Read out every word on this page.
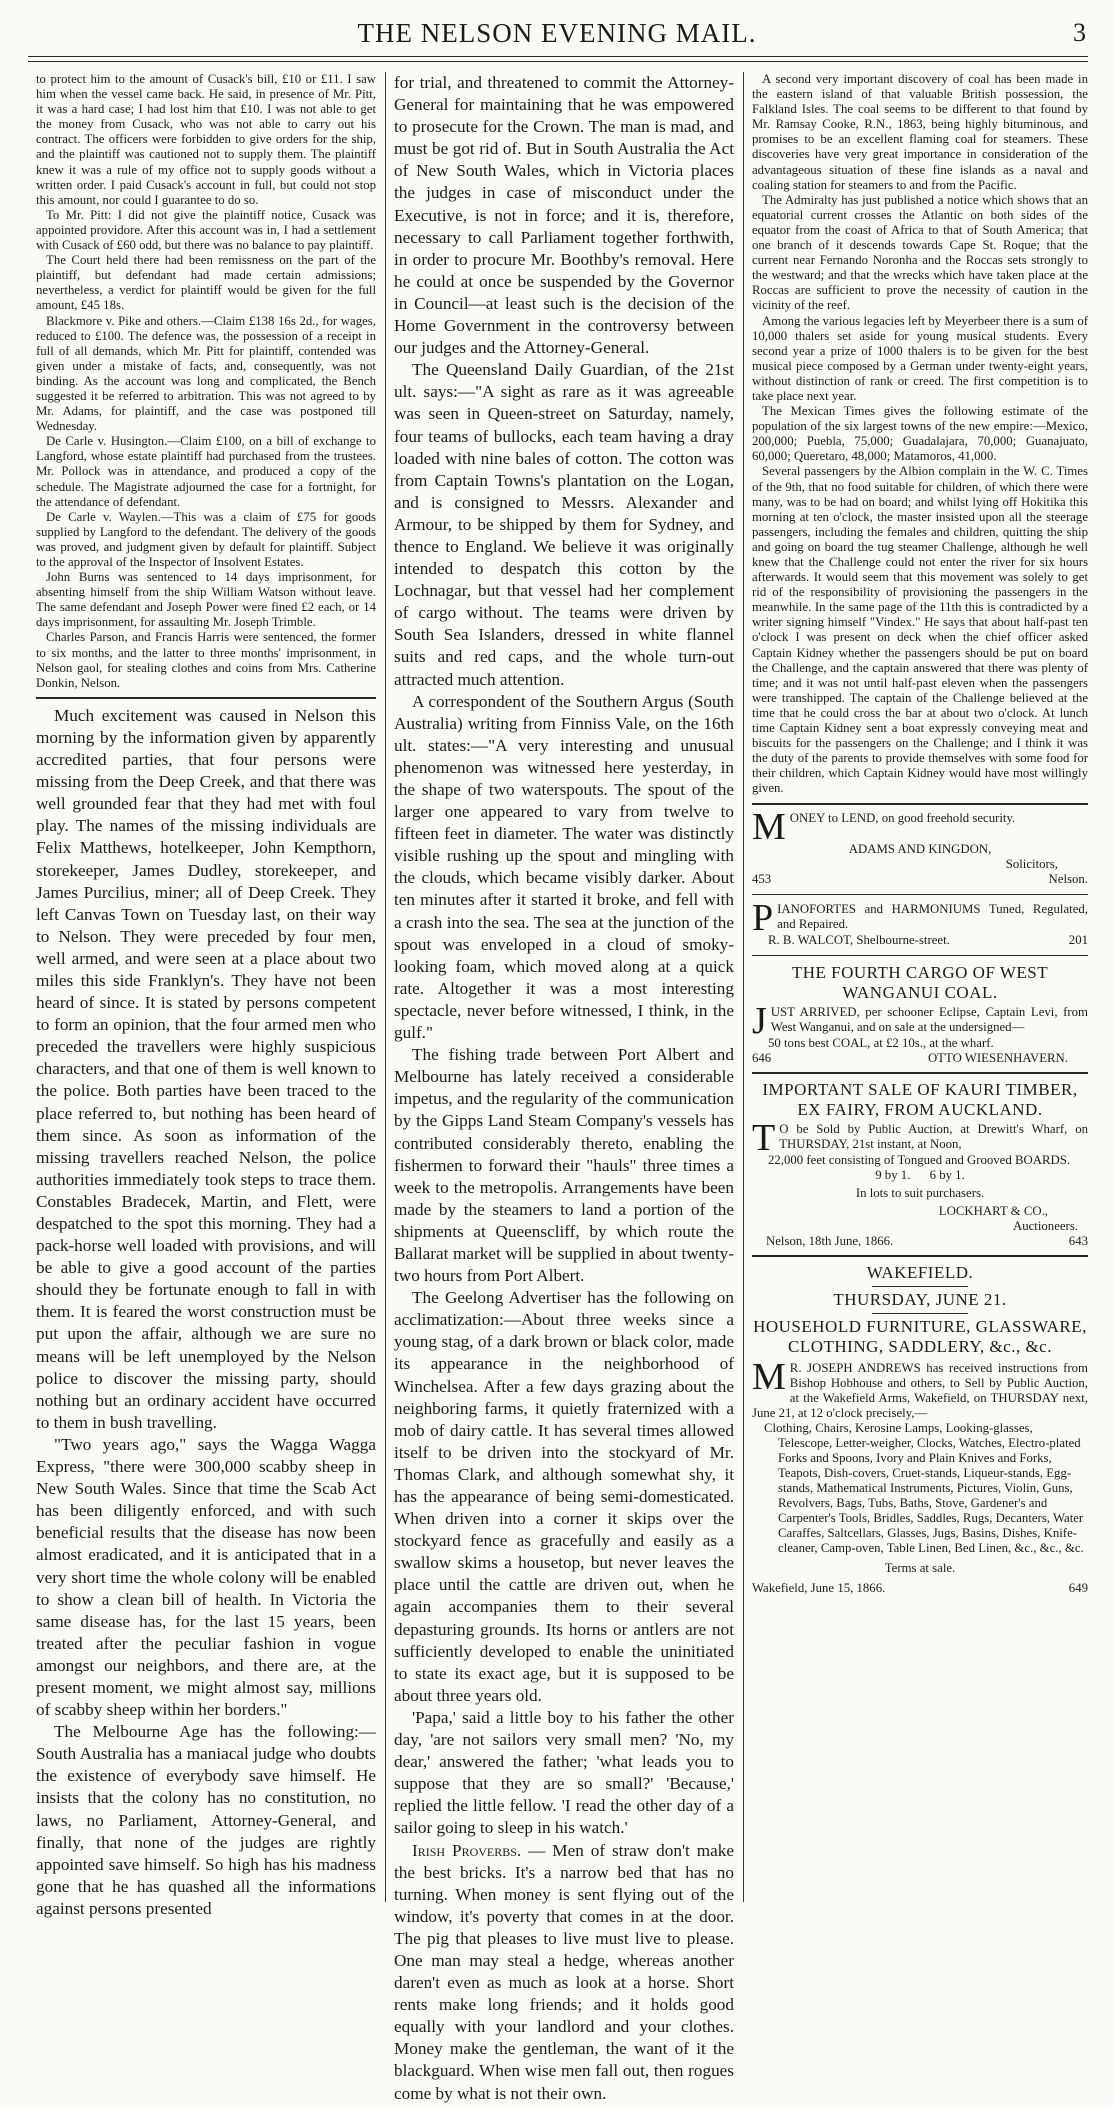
THE NELSON EVENING MAIL.	3

to protect him to the amount of Cusack's bill, £10 or £11. I saw him when the vessel came back. He said, in presence of Mr. Pitt, it was a hard case; I had lost him that £10. I was not able to get the money from Cusack, who was not able to carry out his contract. The officers were forbidden to give orders for the ship, and the plaintiff was cautioned not to supply them. The plaintiff knew it was a rule of my office not to supply goods without a written order. I paid Cusack's account in full, but could not stop this amount, nor could I guarantee to do so.

To Mr. Pitt: I did not give the plaintiff notice, Cusack was appointed providore. After this account was in, I had a settlement with Cusack of £60 odd, but there was no balance to pay plaintiff.

The Court held there had been remissness on the part of the plaintiff, but defendant had made certain admissions; nevertheless, a verdict for plaintiff would be given for the full amount, £45 18s.

Blackmore v. Pike and others.—Claim £138 16s 2d., for wages, reduced to £100. The defence was, the possession of a receipt in full of all demands, which Mr. Pitt for plaintiff, contended was given under a mistake of facts, and, consequently, was not binding. As the account was long and complicated, the Bench suggested it be referred to arbitration. This was not agreed to by Mr. Adams, for plaintiff, and the case was postponed till Wednesday.

De Carle v. Husington.—Claim £100, on a bill of exchange to Langford, whose estate plaintiff had purchased from the trustees. Mr. Pollock was in attendance, and produced a copy of the schedule. The Magistrate adjourned the case for a fortnight, for the attendance of defendant.

De Carle v. Waylen.—This was a claim of £75 for goods supplied by Langford to the defendant. The delivery of the goods was proved, and judgment given by default for plaintiff. Subject to the approval of the Inspector of Insolvent Estates.

John Burns was sentenced to 14 days imprisonment, for absenting himself from the ship William Watson without leave. The same defendant and Joseph Power were fined £2 each, or 14 days imprisonment, for assaulting Mr. Joseph Trimble.

Charles Parson, and Francis Harris were sentenced, the former to six months, and the latter to three months' imprisonment, in Nelson gaol, for stealing clothes and coins from Mrs. Catherine Donkin, Nelson.

Much excitement was caused in Nelson this morning by the information given by apparently accredited parties, that four persons were missing from the Deep Creek, and that there was well grounded fear that they had met with foul play. The names of the missing individuals are Felix Matthews, hotelkeeper, John Kempthorn, storekeeper, James Dudley, storekeeper, and James Purcilius, miner; all of Deep Creek. They left Canvas Town on Tuesday last, on their way to Nelson. They were preceded by four men, well armed, and were seen at a place about two miles this side Franklyn's. They have not been heard of since. It is stated by persons competent to form an opinion, that the four armed men who preceded the travellers were highly suspicious characters, and that one of them is well known to the police. Both parties have been traced to the place referred to, but nothing has been heard of them since. As soon as information of the missing travellers reached Nelson, the police authorities immediately took steps to trace them. Constables Bradecek, Martin, and Flett, were despatched to the spot this morning. They had a pack-horse well loaded with provisions, and will be able to give a good account of the parties should they be fortunate enough to fall in with them. It is feared the worst construction must be put upon the affair, although we are sure no means will be left unemployed by the Nelson police to discover the missing party, should nothing but an ordinary accident have occurred to them in bush travelling.

"Two years ago," says the Wagga Wagga Express, "there were 300,000 scabby sheep in New South Wales. Since that time the Scab Act has been diligently enforced, and with such beneficial results that the disease has now been almost eradicated, and it is anticipated that in a very short time the whole colony will be enabled to show a clean bill of health. In Victoria the same disease has, for the last 15 years, been treated after the peculiar fashion in vogue amongst our neighbors, and there are, at the present moment, we might almost say, millions of scabby sheep within her borders."

The Melbourne Age has the following:—South Australia has a maniacal judge who doubts the existence of everybody save himself. He insists that the colony has no constitution, no laws, no Parliament, Attorney-General, and finally, that none of the judges are rightly appointed save himself. So high has his madness gone that he has quashed all the informations against persons presented

for trial, and threatened to commit the Attorney-General for maintaining that he was empowered to prosecute for the Crown. The man is mad, and must be got rid of. But in South Australia the Act of New South Wales, which in Victoria places the judges in case of misconduct under the Executive, is not in force; and it is, therefore, necessary to call Parliament together forthwith, in order to procure Mr. Boothby's removal. Here he could at once be suspended by the Governor in Council—at least such is the decision of the Home Government in the controversy between our judges and the Attorney-General.

The Queensland Daily Guardian, of the 21st ult. says:—"A sight as rare as it was agreeable was seen in Queen-street on Saturday, namely, four teams of bullocks, each team having a dray loaded with nine bales of cotton. The cotton was from Captain Towns's plantation on the Logan, and is consigned to Messrs. Alexander and Armour, to be shipped by them for Sydney, and thence to England. We believe it was originally intended to despatch this cotton by the Lochnagar, but that vessel had her complement of cargo without. The teams were driven by South Sea Islanders, dressed in white flannel suits and red caps, and the whole turn-out attracted much attention.

A correspondent of the Southern Argus (South Australia) writing from Finniss Vale, on the 16th ult. states:—"A very interesting and unusual phenomenon was witnessed here yesterday, in the shape of two waterspouts. The spout of the larger one appeared to vary from twelve to fifteen feet in diameter. The water was distinctly visible rushing up the spout and mingling with the clouds, which became visibly darker. About ten minutes after it started it broke, and fell with a crash into the sea. The sea at the junction of the spout was enveloped in a cloud of smoky-looking foam, which moved along at a quick rate. Altogether it was a most interesting spectacle, never before witnessed, I think, in the gulf."

The fishing trade between Port Albert and Melbourne has lately received a considerable impetus, and the regularity of the communication by the Gipps Land Steam Company's vessels has contributed considerably thereto, enabling the fishermen to forward their "hauls" three times a week to the metropolis. Arrangements have been made by the steamers to land a portion of the shipments at Queenscliff, by which route the Ballarat market will be supplied in about twenty-two hours from Port Albert.

The Geelong Advertiser has the following on acclimatization:—About three weeks since a young stag, of a dark brown or black color, made its appearance in the neighborhood of Winchelsea. After a few days grazing about the neighboring farms, it quietly fraternized with a mob of dairy cattle. It has several times allowed itself to be driven into the stockyard of Mr. Thomas Clark, and although somewhat shy, it has the appearance of being semi-domesticated. When driven into a corner it skips over the stockyard fence as gracefully and easily as a swallow skims a housetop, but never leaves the place until the cattle are driven out, when he again accompanies them to their several depasturing grounds. Its horns or antlers are not sufficiently developed to enable the uninitiated to state its exact age, but it is supposed to be about three years old.

'Papa,' said a little boy to his father the other day, 'are not sailors very small men? 'No, my dear,' answered the father; 'what leads you to suppose that they are so small?' 'Because,' replied the little fellow. 'I read the other day of a sailor going to sleep in his watch.'

Irish Proverbs. — Men of straw don't make the best bricks. It's a narrow bed that has no turning. When money is sent flying out of the window, it's poverty that comes in at the door. The pig that pleases to live must live to please. One man may steal a hedge, whereas another daren't even as much as look at a horse. Short rents make long friends; and it holds good equally with your landlord and your clothes. Money make the gentleman, the want of it the blackguard. When wise men fall out, then rogues come by what is not their own.

A second very important discovery of coal has been made in the eastern island of that valuable British possession, the Falkland Isles. The coal seems to be different to that found by Mr. Ramsay Cooke, R.N., 1863, being highly bituminous, and promises to be an excellent flaming coal for steamers. These discoveries have very great importance in consideration of the advantageous situation of these fine islands as a naval and coaling station for steamers to and from the Pacific.

The Admiralty has just published a notice which shows that an equatorial current crosses the Atlantic on both sides of the equator from the coast of Africa to that of South America; that one branch of it descends towards Cape St. Roque; that the current near Fernando Noronha and the Roccas sets strongly to the westward; and that the wrecks which have taken place at the Roccas are sufficient to prove the necessity of caution in the vicinity of the reef.

Among the various legacies left by Meyerbeer there is a sum of 10,000 thalers set aside for young musical students. Every second year a prize of 1000 thalers is to be given for the best musical piece composed by a German under twenty-eight years, without distinction of rank or creed. The first competition is to take place next year.

The Mexican Times gives the following estimate of the population of the six largest towns of the new empire:—Mexico, 200,000; Puebla, 75,000; Guadalajara, 70,000; Guanajuato, 60,000; Queretaro, 48,000; Matamoros, 41,000.

Several passengers by the Albion complain in the W. C. Times of the 9th, that no food suitable for children, of which there were many, was to be had on board; and whilst lying off Hokitika this morning at ten o'clock, the master insisted upon all the steerage passengers, including the females and children, quitting the ship and going on board the tug steamer Challenge, although he well knew that the Challenge could not enter the river for six hours afterwards. It would seem that this movement was solely to get rid of the responsibility of provisioning the passengers in the meanwhile. In the same page of the 11th this is contradicted by a writer signing himself "Vindex." He says that about half-past ten o'clock I was present on deck when the chief officer asked Captain Kidney whether the passengers should be put on board the Challenge, and the captain answered that there was plenty of time; and it was not until half-past eleven when the passengers were transhipped. The captain of the Challenge believed at the time that he could cross the bar at about two o'clock. At lunch time Captain Kidney sent a boat expressly conveying meat and biscuits for the passengers on the Challenge; and I think it was the duty of the parents to provide themselves with some food for their children, which Captain Kidney would have most willingly given.

MONEY to LEND, on good freehold security.

ADAMS AND KINGDON,
Solicitors,
453	Nelson.

PIANOFORTES and HARMONIUMS Tuned, Regulated, and Repaired.

R. B. WALCOT, Shelbourne-street.	201
THE FOURTH CARGO OF WEST WANGANUI COAL.

JUST ARRIVED, per schooner Eclipse, Captain Levi, from West Wanganui, and on sale at the undersigned—

50 tons best COAL, at £2 10s., at the wharf.
646	OTTO WIESENHAVERN.
IMPORTANT SALE OF KAURI TIMBER, EX FAIRY, FROM AUCKLAND.

T O be Sold by Public Auction, at Drewitt's Wharf, on THURSDAY, 21st instant, at Noon,

22,000 feet consisting of Tongued and Grooved BOARDS.
9 by 1.      6 by 1.
In lots to suit purchasers.
LOCKHART & CO.,
Auctioneers.
Nelson, 18th June, 1866.	643
WAKEFIELD.
THURSDAY, JUNE 21.
HOUSEHOLD FURNITURE, GLASSWARE, CLOTHING, SADDLERY, &c., &c.

M R. JOSEPH ANDREWS has received instructions from Bishop Hobhouse and others, to Sell by Public Auction, at the Wakefield Arms, Wakefield, on THURSDAY next, June 21, at 12 o'clock precisely,—

Clothing, Chairs, Kerosine Lamps, Looking-glasses, Telescope, Letter-weigher, Clocks, Watches, Electro-plated Forks and Spoons, Ivory and Plain Knives and Forks, Teapots, Dish-covers, Cruet-stands, Liqueur-stands, Egg-stands, Mathematical Instruments, Pictures, Violin, Guns, Revolvers, Bags, Tubs, Baths, Stove, Gardener's and Carpenter's Tools, Bridles, Saddles, Rugs, Decanters, Water Caraffes, Saltcellars, Glasses, Jugs, Basins, Dishes, Knife-cleaner, Camp-oven, Table Linen, Bed Linen, &c., &c., &c.

Terms at sale.
Wakefield, June 15, 1866.	649
